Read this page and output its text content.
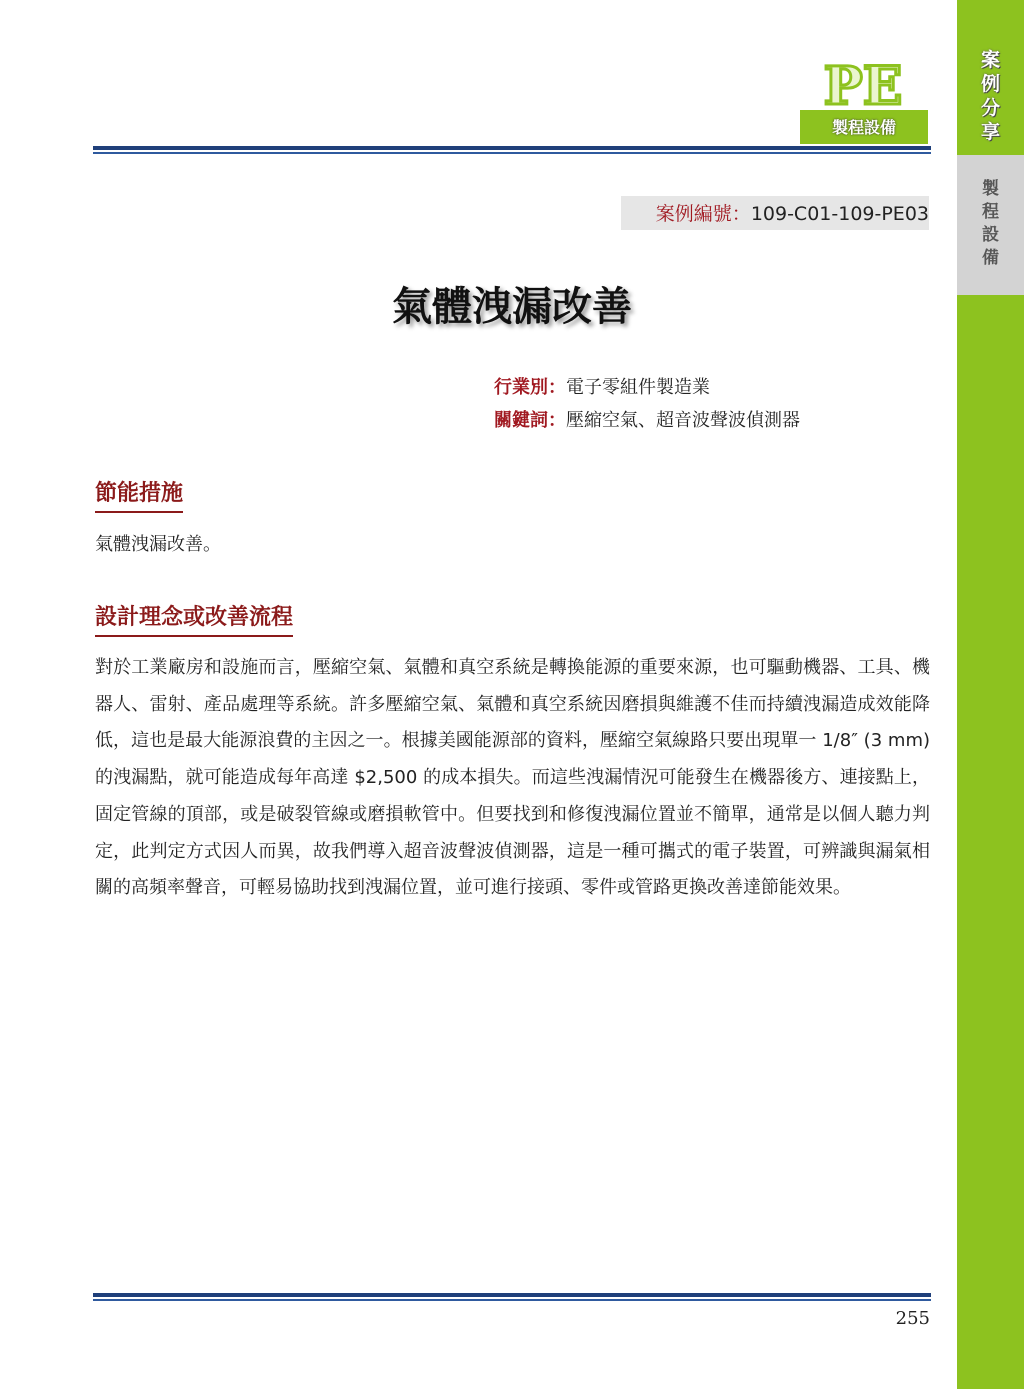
案
例
分
享
製
程
設
備
PE
製程設備
案例編號：109-C01-109-PE03
氣體洩漏改善
行業別：電子零組件製造業
關鍵詞：壓縮空氣、超音波聲波偵測器
節能措施
氣體洩漏改善。
設計理念或改善流程
對於工業廠房和設施而言，壓縮空氣、氣體和真空系統是轉換能源的重要來源，也可驅動機器、工具、機器人、雷射、產品處理等系統。許多壓縮空氣、氣體和真空系統因磨損與維護不佳而持續洩漏造成效能降低，這也是最大能源浪費的主因之一。根據美國能源部的資料，壓縮空氣線路只要出現單一 1/8″ (3 mm) 的洩漏點，就可能造成每年高達 $2,500 的成本損失。而這些洩漏情況可能發生在機器後方、連接點上，固定管線的頂部，或是破裂管線或磨損軟管中。但要找到和修復洩漏位置並不簡單，通常是以個人聽力判定，此判定方式因人而異，故我們導入超音波聲波偵測器，這是一種可攜式的電子裝置，可辨識與漏氣相關的高頻率聲音，可輕易協助找到洩漏位置，並可進行接頭、零件或管路更換改善達節能效果。
255
